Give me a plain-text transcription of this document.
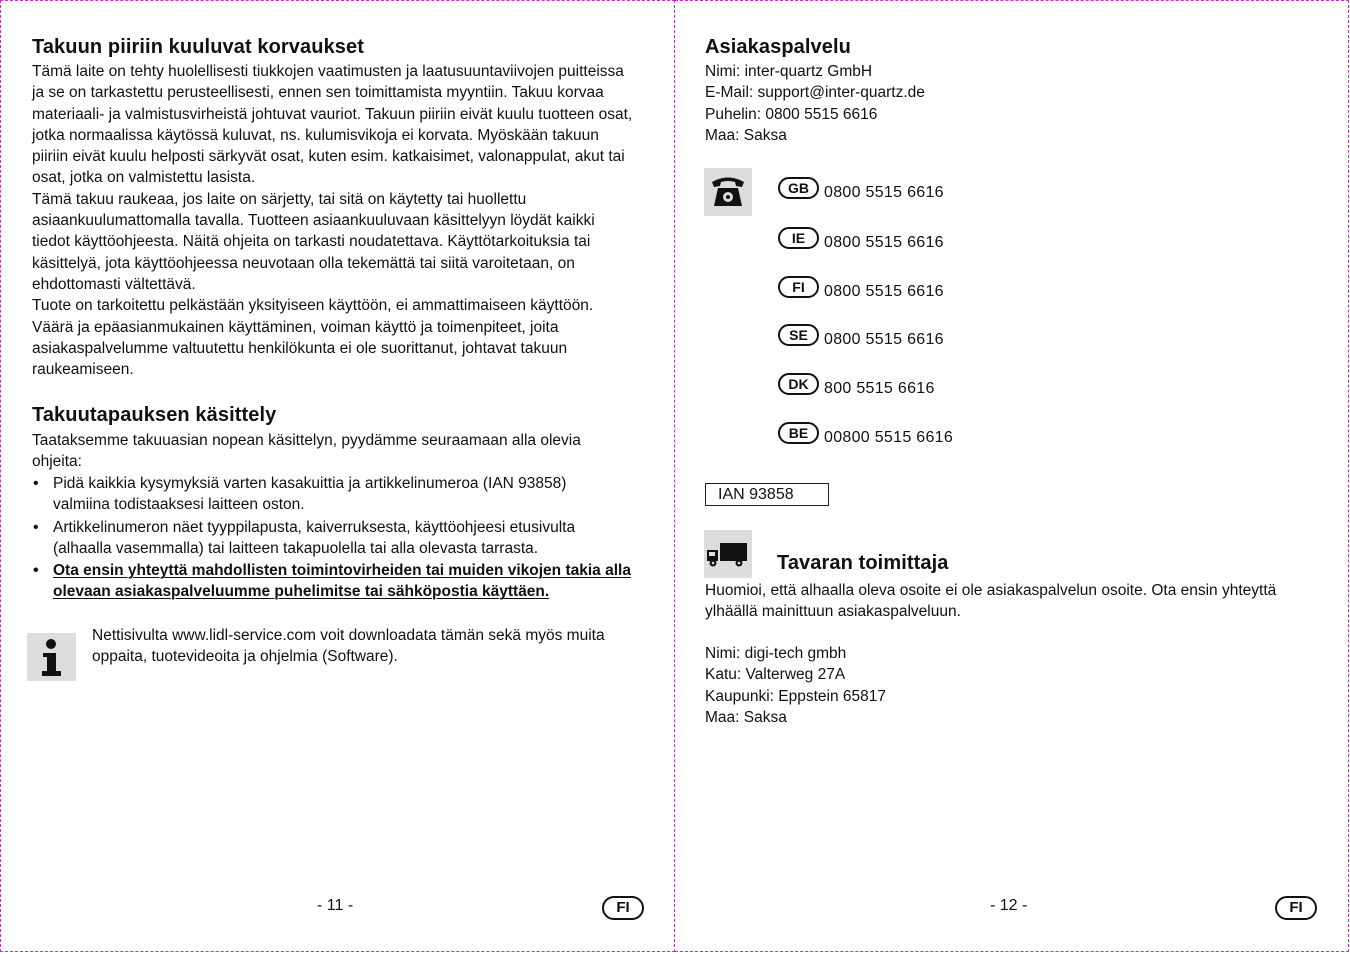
Takuun piiriin kuuluvat korvaukset
Tämä laite on tehty huolellisesti tiukkojen vaatimusten ja laatusuuntaviivojen puitteissa
ja se on tarkastettu perusteellisesti, ennen sen toimittamista myyntiin. Takuu korvaa
materiaali- ja valmistusvirheistä johtuvat vauriot. Takuun piiriin eivät kuulu tuotteen osat,
jotka normaalissa käytössä kuluvat, ns. kulumisvikoja ei korvata. Myöskään takuun
piiriin eivät kuulu helposti särkyvät osat, kuten esim. katkaisimet, valonappulat, akut tai
osat, jotka on valmistettu lasista.
Tämä takuu raukeaa, jos laite on särjetty, tai sitä on käytetty tai huollettu
asiaankuulumattomalla tavalla. Tuotteen asiaankuuluvaan käsittelyyn löydät kaikki
tiedot käyttöohjeesta. Näitä ohjeita on tarkasti noudatettava. Käyttötarkoituksia tai
käsittelyä, jota käyttöohjeessa neuvotaan olla tekemättä tai siitä varoitetaan, on
ehdottomasti vältettävä.
Tuote on tarkoitettu pelkästään yksityiseen käyttöön, ei ammattimaiseen käyttöön.
Väärä ja epäasianmukainen käyttäminen, voiman käyttö ja toimenpiteet, joita
asiakaspalvelumme valtuutettu henkilökunta ei ole suorittanut, johtavat takuun
raukeamiseen.
Takuutapauksen käsittely
Taataksemme takuuasian nopean käsittelyn, pyydämme seuraamaan alla olevia
ohjeita:
• Pidä kaikkia kysymyksiä varten kasakuittia ja artikkelinumeroa (IAN 93858)
valmiina todistaaksesi laitteen oston.
• Artikkelinumeron näet tyyppilapusta, kaiverruksesta, käyttöohjeesi etusivulta
(alhaalla vasemmalla) tai laitteen takapuolella tai alla olevasta tarrasta.
• Ota ensin yhteyttä mahdollisten toimintovirheiden tai muiden vikojen takia alla
olevaan asiakaspalveluumme puhelimitse tai sähköpostia käyttäen.
Nettisivulta www.lidl-service.com voit downloadata tämän sekä myös muita
oppaita, tuotevideoita ja ohjelmia (Software).
- 11 -	FI
Asiakaspalvelu
Nimi: inter-quartz GmbH
E-Mail: support@inter-quartz.de
Puhelin: 0800 5515 6616
Maa: Saksa
GB 0800 5515 6616
IE	0800 5515 6616
FI	0800 5515 6616
SE	0800 5515 6616
DK 800 5515 6616
BE 00800 5515 6616
IAN 93858
Tavaran toimittaja
Huomioi, että alhaalla oleva osoite ei ole asiakaspalvelun osoite. Ota ensin yhteyttä
ylhäällä mainittuun asiakaspalveluun.
Nimi: digi-tech gmbh
Katu: Valterweg 27A
Kaupunki: Eppstein 65817
Maa: Saksa
- 12 -	FI
